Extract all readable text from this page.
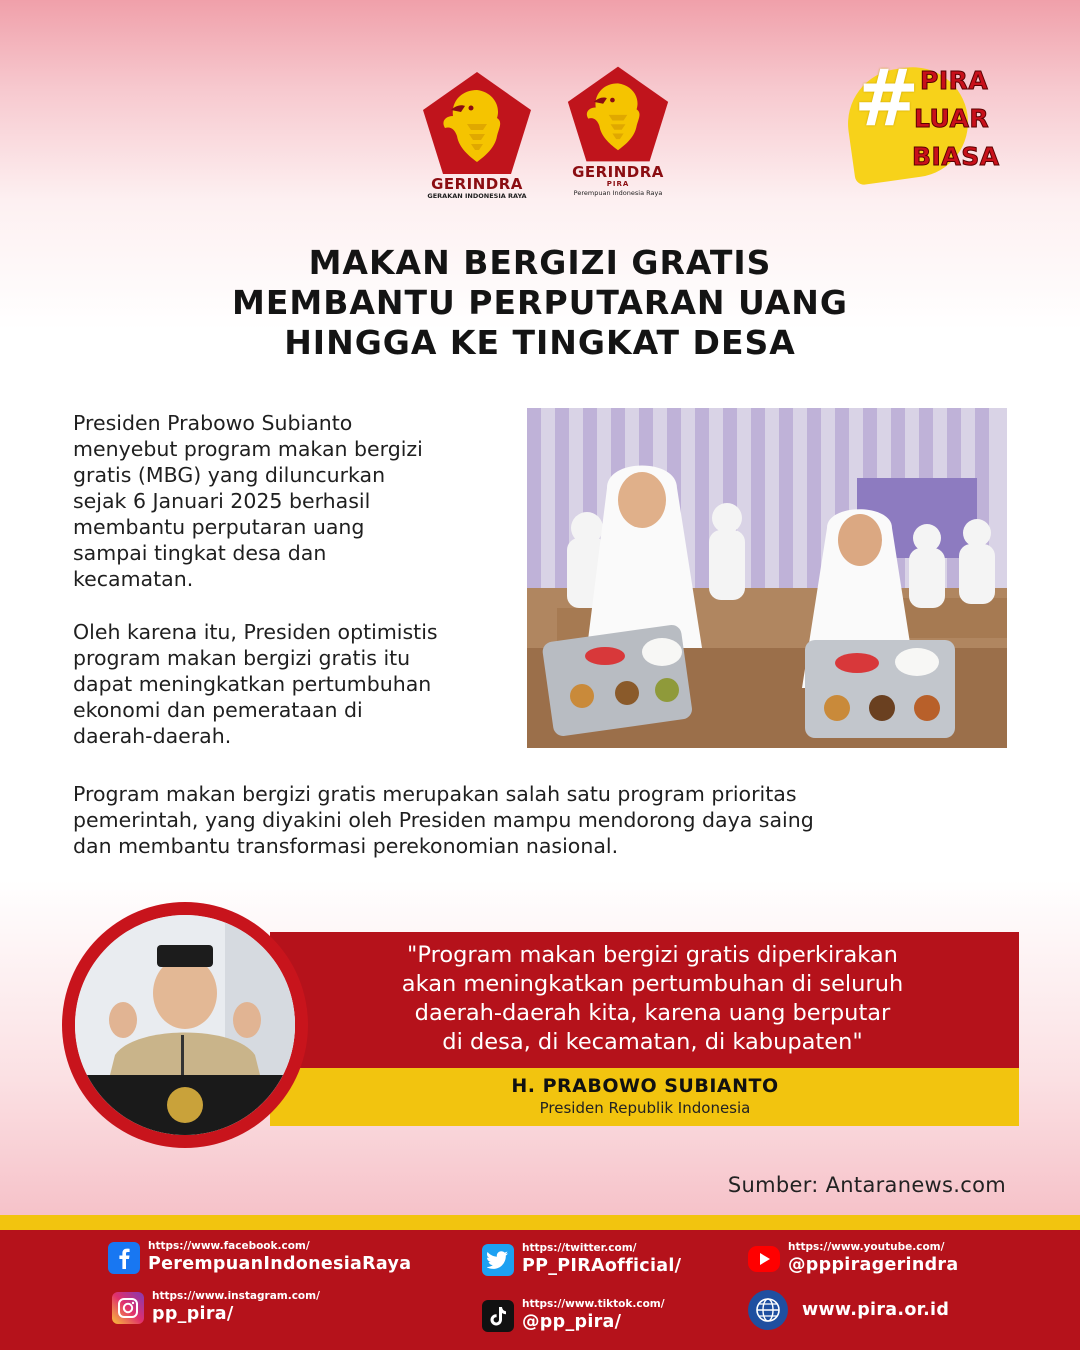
GERINDRA
GERAKAN INDONESIA RAYA
GERINDRA
PIRA
Perempuan Indonesia Raya
# PIRA
LUAR
BIASA
MAKAN BERGIZI GRATIS
MEMBANTU PERPUTARAN UANG
HINGGA KE TINGKAT DESA
Presiden Prabowo Subianto
menyebut program makan bergizi
gratis (MBG) yang diluncurkan
sejak 6 Januari 2025 berhasil
membantu perputaran uang
sampai tingkat desa dan
kecamatan.
Oleh karena itu, Presiden optimistis
program makan bergizi gratis itu
dapat meningkatkan pertumbuhan
ekonomi dan pemerataan di
daerah-daerah.
Program makan bergizi gratis merupakan salah satu program prioritas
pemerintah, yang diyakini oleh Presiden mampu mendorong daya saing
dan membantu transformasi perekonomian nasional.
"Program makan bergizi gratis diperkirakan
akan meningkatkan pertumbuhan di seluruh
daerah-daerah kita, karena uang berputar
di desa, di kecamatan, di kabupaten"
H. PRABOWO SUBIANTO
Presiden Republik Indonesia
Sumber: Antaranews.com
https://www.facebook.com/
PerempuanIndonesiaRaya
https://www.instagram.com/
pp_pira/
https://twitter.com/
PP_PIRAofficial/
https://www.tiktok.com/
@pp_pira/
https://www.youtube.com/
@pppiragerindra
www.pira.or.id
